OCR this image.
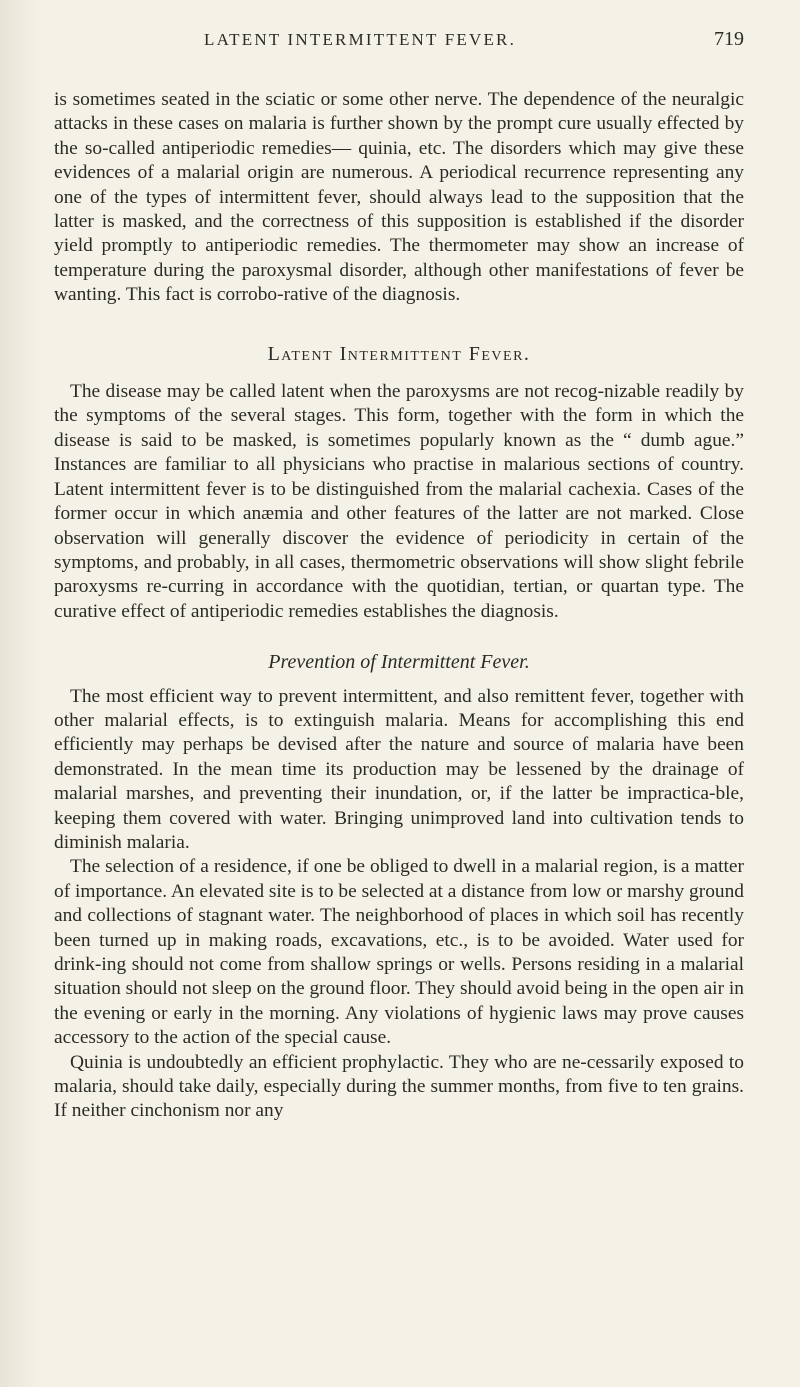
LATENT INTERMITTENT FEVER.	719

is sometimes seated in the sciatic or some other nerve. The dependence of the neuralgic attacks in these cases on malaria is further shown by the prompt cure usually effected by the so-called antiperiodic remedies— quinia, etc. The disorders which may give these evidences of a malarial origin are numerous. A periodical recurrence representing any one of the types of intermittent fever, should always lead to the supposition that the latter is masked, and the correctness of this supposition is established if the disorder yield promptly to antiperiodic remedies. The thermometer may show an increase of temperature during the paroxysmal disorder, although other manifestations of fever be wanting. This fact is corrobo-rative of the diagnosis.

Latent Intermittent Fever.

The disease may be called latent when the paroxysms are not recog-nizable readily by the symptoms of the several stages. This form, together with the form in which the disease is said to be masked, is sometimes popularly known as the “ dumb ague.” Instances are familiar to all physicians who practise in malarious sections of country. Latent intermittent fever is to be distinguished from the malarial cachexia. Cases of the former occur in which anæmia and other features of the latter are not marked. Close observation will generally discover the evidence of periodicity in certain of the symptoms, and probably, in all cases, thermometric observations will show slight febrile paroxysms re-curring in accordance with the quotidian, tertian, or quartan type. The curative effect of antiperiodic remedies establishes the diagnosis.

Prevention of Intermittent Fever.

The most efficient way to prevent intermittent, and also remittent fever, together with other malarial effects, is to extinguish malaria. Means for accomplishing this end efficiently may perhaps be devised after the nature and source of malaria have been demonstrated. In the mean time its production may be lessened by the drainage of malarial marshes, and preventing their inundation, or, if the latter be impractica-ble, keeping them covered with water. Bringing unimproved land into cultivation tends to diminish malaria.

The selection of a residence, if one be obliged to dwell in a malarial region, is a matter of importance. An elevated site is to be selected at a distance from low or marshy ground and collections of stagnant water. The neighborhood of places in which soil has recently been turned up in making roads, excavations, etc., is to be avoided. Water used for drink-ing should not come from shallow springs or wells. Persons residing in a malarial situation should not sleep on the ground floor. They should avoid being in the open air in the evening or early in the morning. Any violations of hygienic laws may prove causes accessory to the action of the special cause.

Quinia is undoubtedly an efficient prophylactic. They who are ne-cessarily exposed to malaria, should take daily, especially during the summer months, from five to ten grains. If neither cinchonism nor any
